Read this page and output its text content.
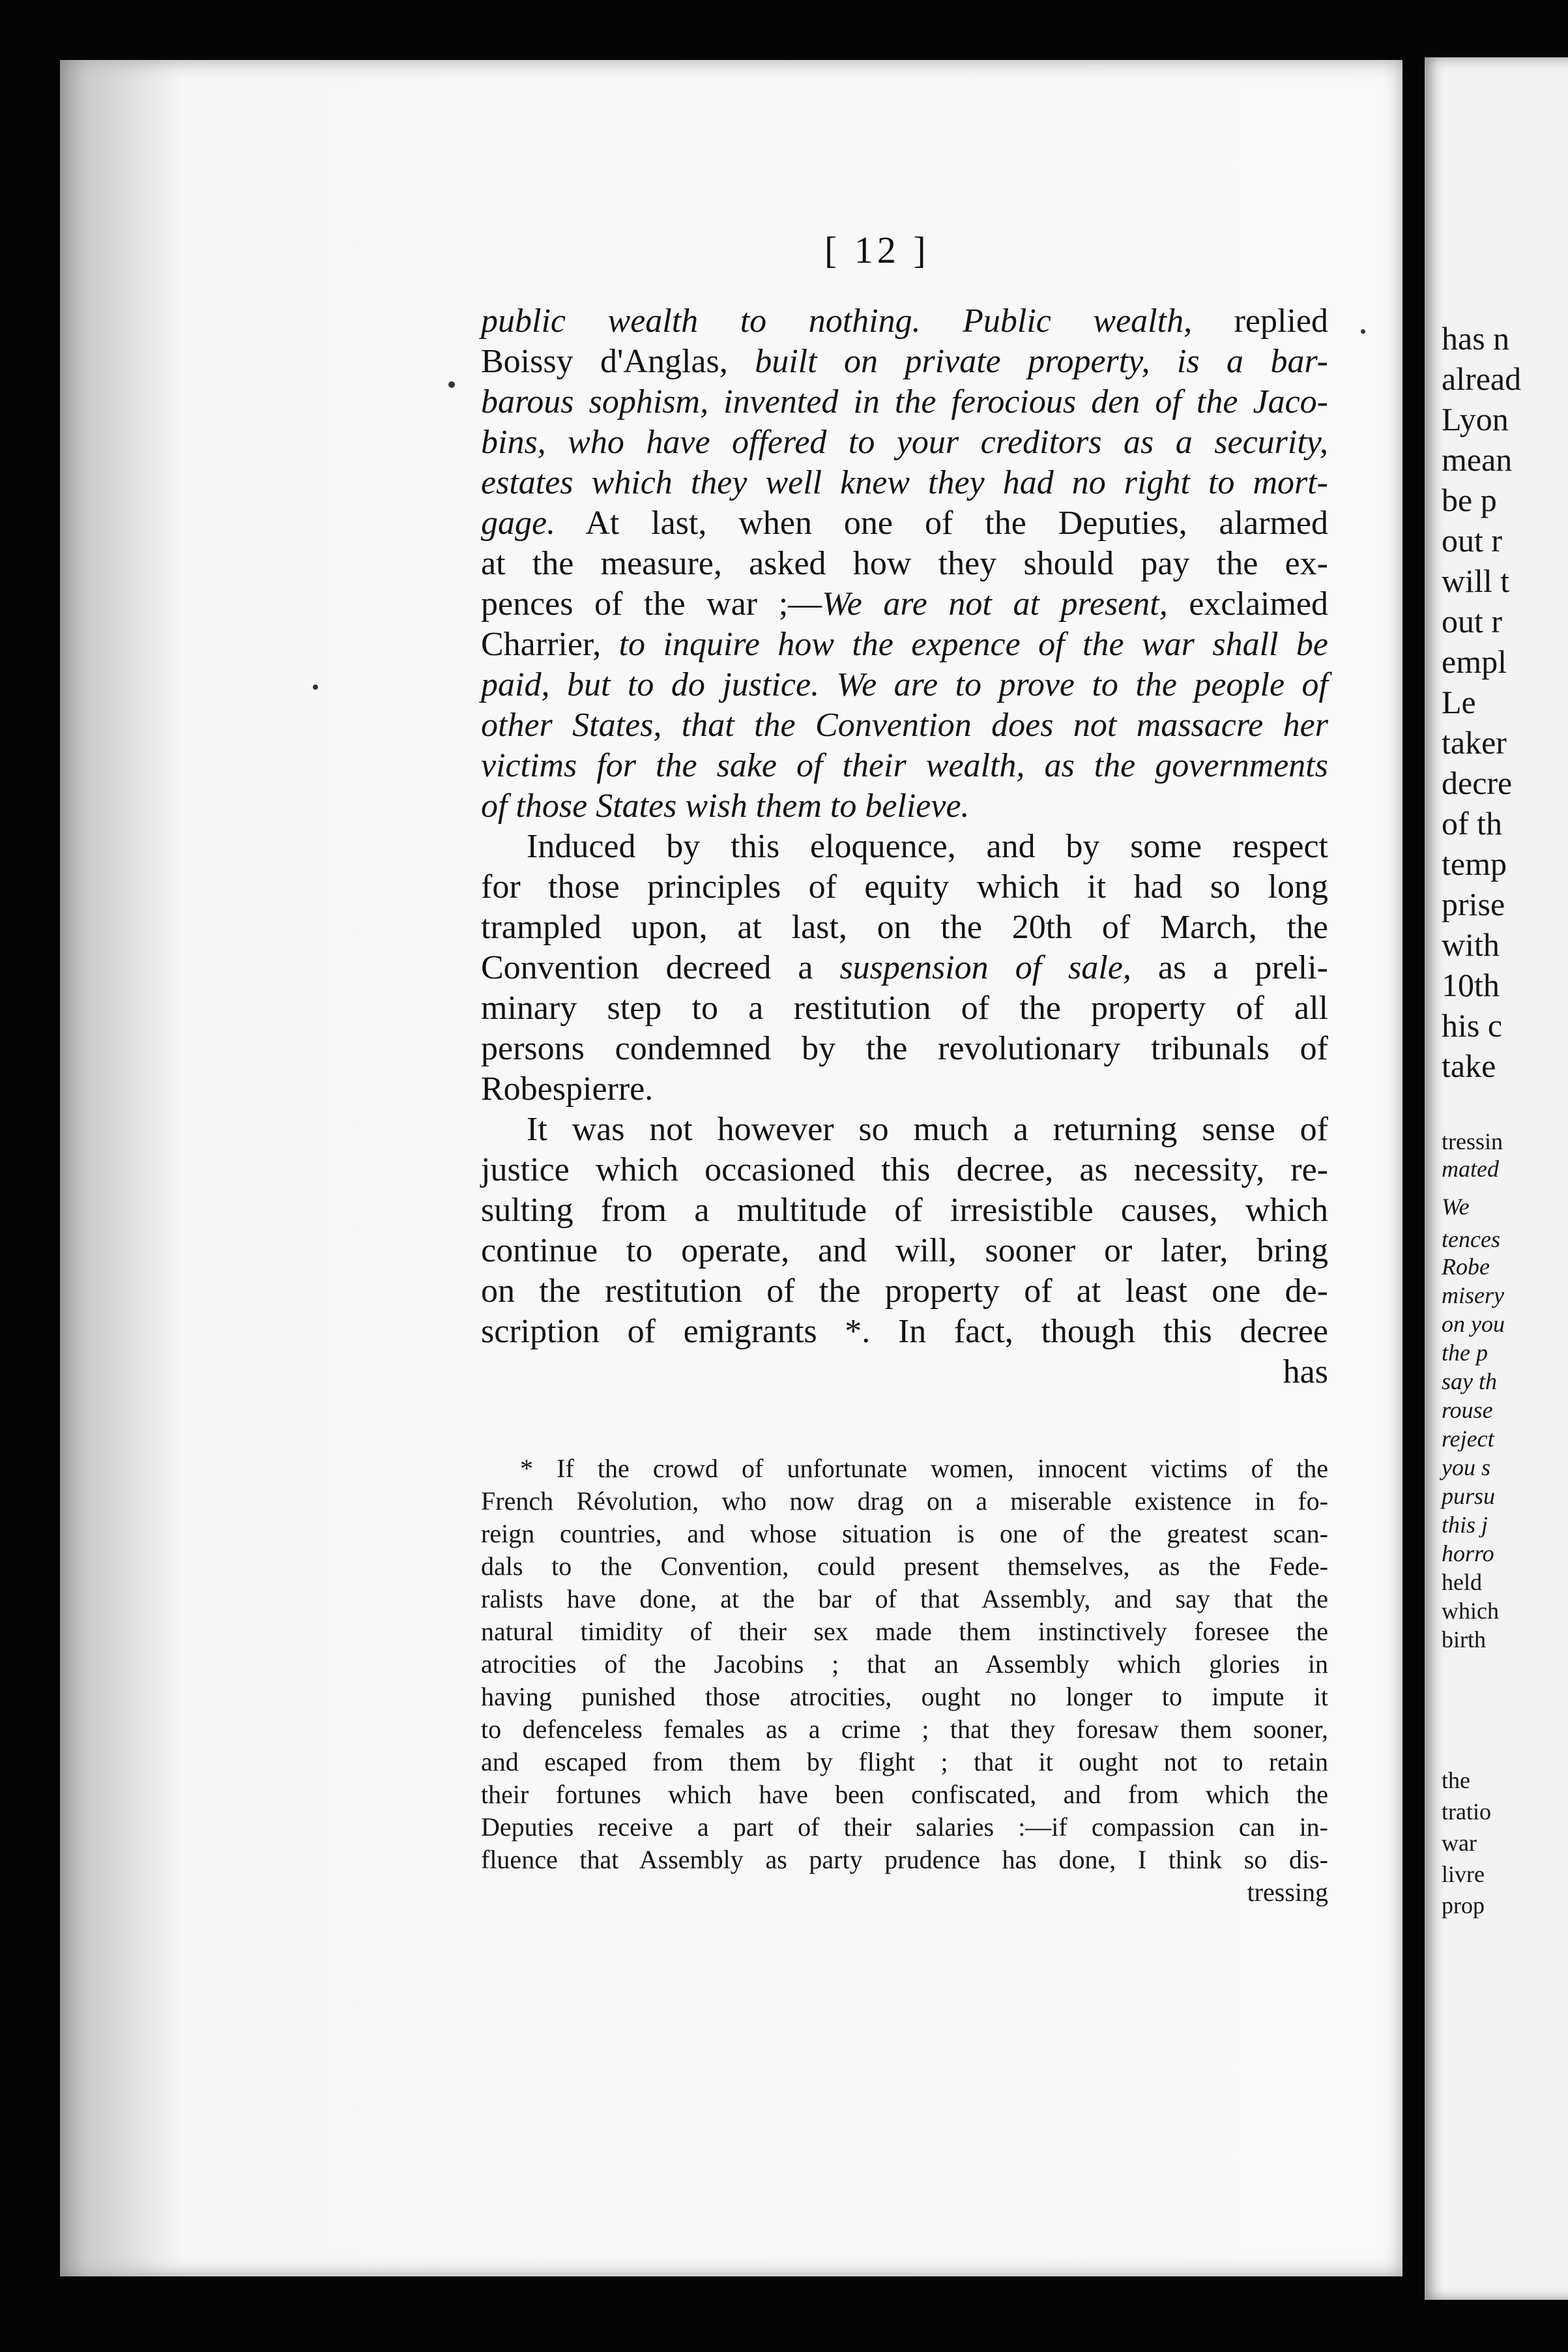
has n
alread
Lyon
mean
be p
out r
will t
out r
empl
Le
taker
decre
of th
temp
prise
with
10th
his c
take
tressin
mated
We
tences
Robe
misery
on you
the p
say th
rouse
reject
you s
pursu
this j
horro
held
which
birth
the
tratio
war
livre
prop
[ 12 ]
public wealth to nothing. Public wealth, replied
Boissy d'Anglas, built on private property, is a bar-
barous sophism, invented in the ferocious den of the Jaco-
bins, who have offered to your creditors as a security,
estates which they well knew they had no right to mort-
gage. At last, when one of the Deputies, alarmed
at the measure, asked how they should pay the ex-
pences of the war ;—We are not at present, exclaimed
Charrier, to inquire how the expence of the war shall be
paid, but to do justice. We are to prove to the people of
other States, that the Convention does not massacre her
victims for the sake of their wealth, as the governments
of those States wish them to believe.
Induced by this eloquence, and by some respect
for those principles of equity which it had so long
trampled upon, at last, on the 20th of March, the
Convention decreed a suspension of sale, as a preli-
minary step to a restitution of the property of all
persons condemned by the revolutionary tribunals of
Robespierre.
It was not however so much a returning sense of
justice which occasioned this decree, as necessity, re-
sulting from a multitude of irresistible causes, which
continue to operate, and will, sooner or later, bring
on the restitution of the property of at least one de-
scription of emigrants *. In fact, though this decree
has
* If the crowd of unfortunate women, innocent victims of the
French Révolution, who now drag on a miserable existence in fo-
reign countries, and whose situation is one of the greatest scan-
dals to the Convention, could present themselves, as the Fede-
ralists have done, at the bar of that Assembly, and say that the
natural timidity of their sex made them instinctively foresee the
atrocities of the Jacobins ; that an Assembly which glories in
having punished those atrocities, ought no longer to impute it
to defenceless females as a crime ; that they foresaw them sooner,
and escaped from them by flight ; that it ought not to retain
their fortunes which have been confiscated, and from which the
Deputies receive a part of their salaries :—if compassion can in-
fluence that Assembly as party prudence has done, I think so dis-
tressing
